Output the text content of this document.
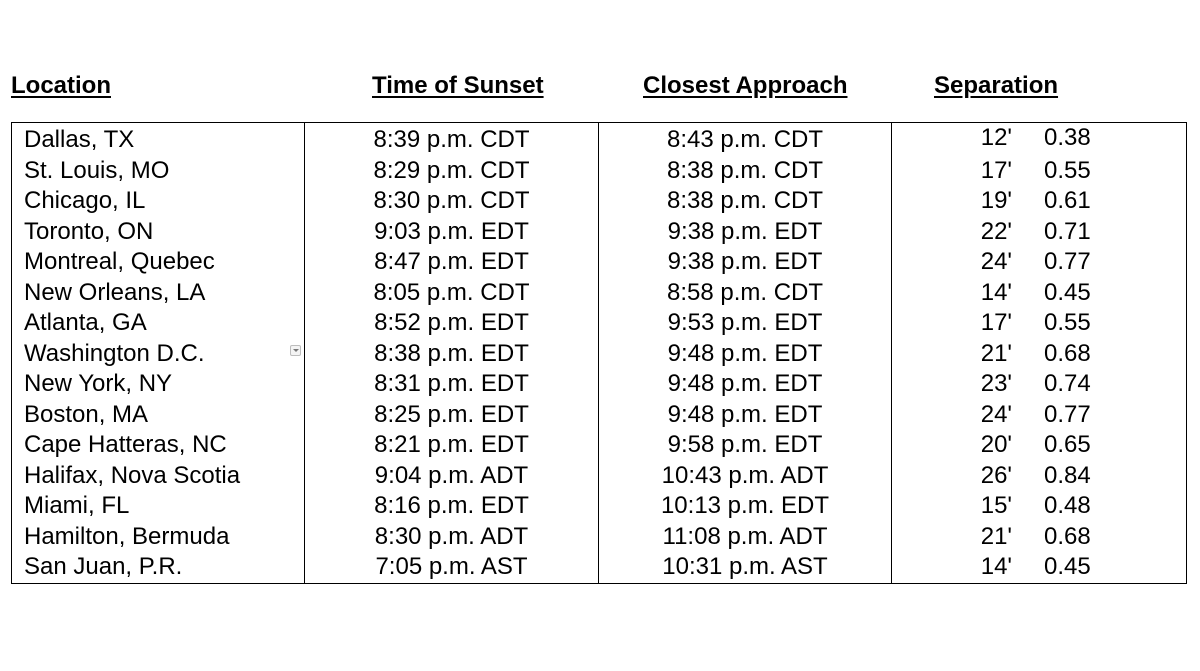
Location	Time of Sunset	Closest Approach	Separation
Dallas, TX	8:39 p.m. CDT	8:43 p.m. CDT	12' 0.38

St. Louis, MO	8:29 p.m. CDT	8:38 p.m. CDT	17' 0.55

Chicago, IL	8:30 p.m. CDT	8:38 p.m. CDT	19' 0.61

Toronto, ON	9:03 p.m. EDT	9:38 p.m. EDT	22' 0.71

Montreal, Quebec	8:47 p.m. EDT	9:38 p.m. EDT	24' 0.77

New Orleans, LA	8:05 p.m. CDT	8:58 p.m. CDT	14' 0.45

Atlanta, GA	8:52 p.m. EDT	9:53 p.m. EDT	17' 0.55

Washington D.C.	8:38 p.m. EDT	9:48 p.m. EDT	21' 0.68

New York, NY	8:31 p.m. EDT	9:48 p.m. EDT	23' 0.74

Boston, MA	8:25 p.m. EDT	9:48 p.m. EDT	24' 0.77

Cape Hatteras, NC	8:21 p.m. EDT	9:58 p.m. EDT	20' 0.65

Halifax, Nova Scotia	9:04 p.m. ADT	10:43 p.m. ADT	26' 0.84

Miami, FL	8:16 p.m. EDT	10:13 p.m. EDT	15' 0.48

Hamilton, Bermuda	8:30 p.m. ADT	11:08 p.m. ADT	21' 0.68

San Juan, P.R.	7:05 p.m. AST	10:31 p.m. AST	14' 0.45
